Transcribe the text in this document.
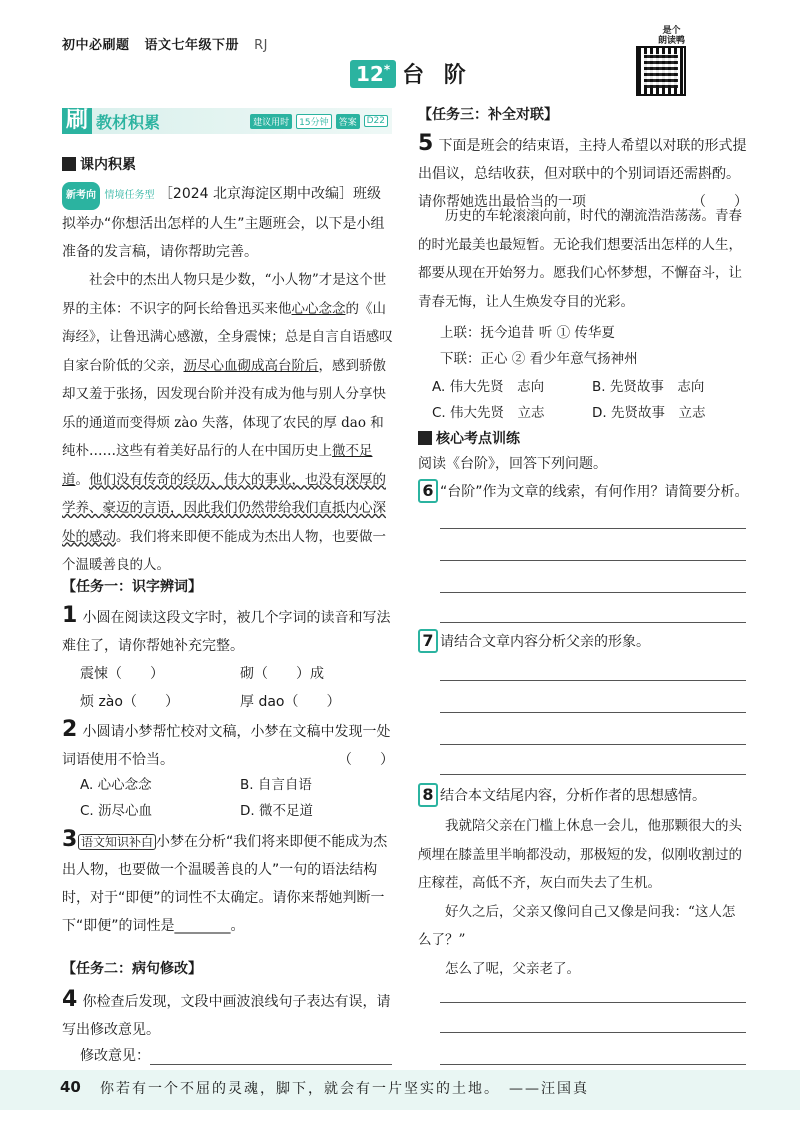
初中必刷题 语文七年级下册 RJ
12* 台 阶
是个
朗读鸭
刷 教材积累	建议用时	15分钟	答案	D22
课内积累
新考向 情境任务型 ［2024 北京海淀区期中改编］班级拟举办“你想活出怎样的人生”主题班会，以下是小组准备的发言稿，请你帮助完善。
社会中的杰出人物只是少数，“小人物”才是这个世界的主体：不识字的阿长给鲁迅买来他心心念念的《山海经》，让鲁迅满心感激，全身震悚；总是自言自语感叹自家台阶低的父亲，沥尽心血砌成高台阶后，感到骄傲却又羞于张扬，因发现台阶并没有成为他与别人分享快乐的通道而变得烦 zào 失落，体现了农民的厚 dao 和纯朴……这些有着美好品行的人在中国历史上微不足道。他们没有传奇的经历、伟大的事业，也没有深厚的学养、豪迈的言语，因此我们仍然带给我们直抵内心深处的感动。我们将来即便不能成为杰出人物，也要做一个温暖善良的人。
【任务一：识字辨词】
1 小圆在阅读这段文字时，被几个字词的读音和写法难住了，请你帮她补充完整。
震悚（　　）	砌（　　）成
烦 zào（　　）	厚 dao（　　）
2 小圆请小梦帮忙校对文稿，小梦在文稿中发现一处词语使用不恰当。	（　　）
A. 心心念念	B. 自言自语
C. 沥尽心血	D. 微不足道
3 语文知识补白 小梦在分析“我们将来即便不能成为杰出人物，也要做一个温暖善良的人”一句的语法结构时，对于“即便”的词性不太确定。请你来帮她判断一下“即便”的词性是________。
【任务二：病句修改】
4 你检查后发现，文段中画波浪线句子表达有误，请写出修改意见。
修改意见：
【任务三：补全对联】
5 下面是班会的结束语，主持人希望以对联的形式提出倡议，总结收获，但对联中的个别词语还需斟酌。请你帮她选出最恰当的一项	（　　）
历史的车轮滚滚向前，时代的潮流浩浩荡荡。青春的时光最美也最短暂。无论我们想要活出怎样的人生，都要从现在开始努力。愿我们心怀梦想，不懈奋斗，让青春无悔，让人生焕发夺目的光彩。
上联：抚今追昔 听 ① 传华夏
下联：正心 ② 看少年意气扬神州
A. 伟大先贤　志向	B. 先贤故事　志向
C. 伟大先贤　立志	D. 先贤故事　立志
核心考点训练
阅读《台阶》，回答下列问题。
6 “台阶”作为文章的线索，有何作用？请简要分析。
7 请结合文章内容分析父亲的形象。
8 结合本文结尾内容，分析作者的思想感情。
我就陪父亲在门槛上休息一会儿，他那颗很大的头颅埋在膝盖里半晌都没动，那极短的发，似刚收割过的庄稼茬，高低不齐，灰白而失去了生机。
好久之后，父亲又像问自己又像是问我：“这人怎么了？”
怎么了呢，父亲老了。
40 你若有一个不屈的灵魂，脚下，就会有一片坚实的土地。　——汪国真
